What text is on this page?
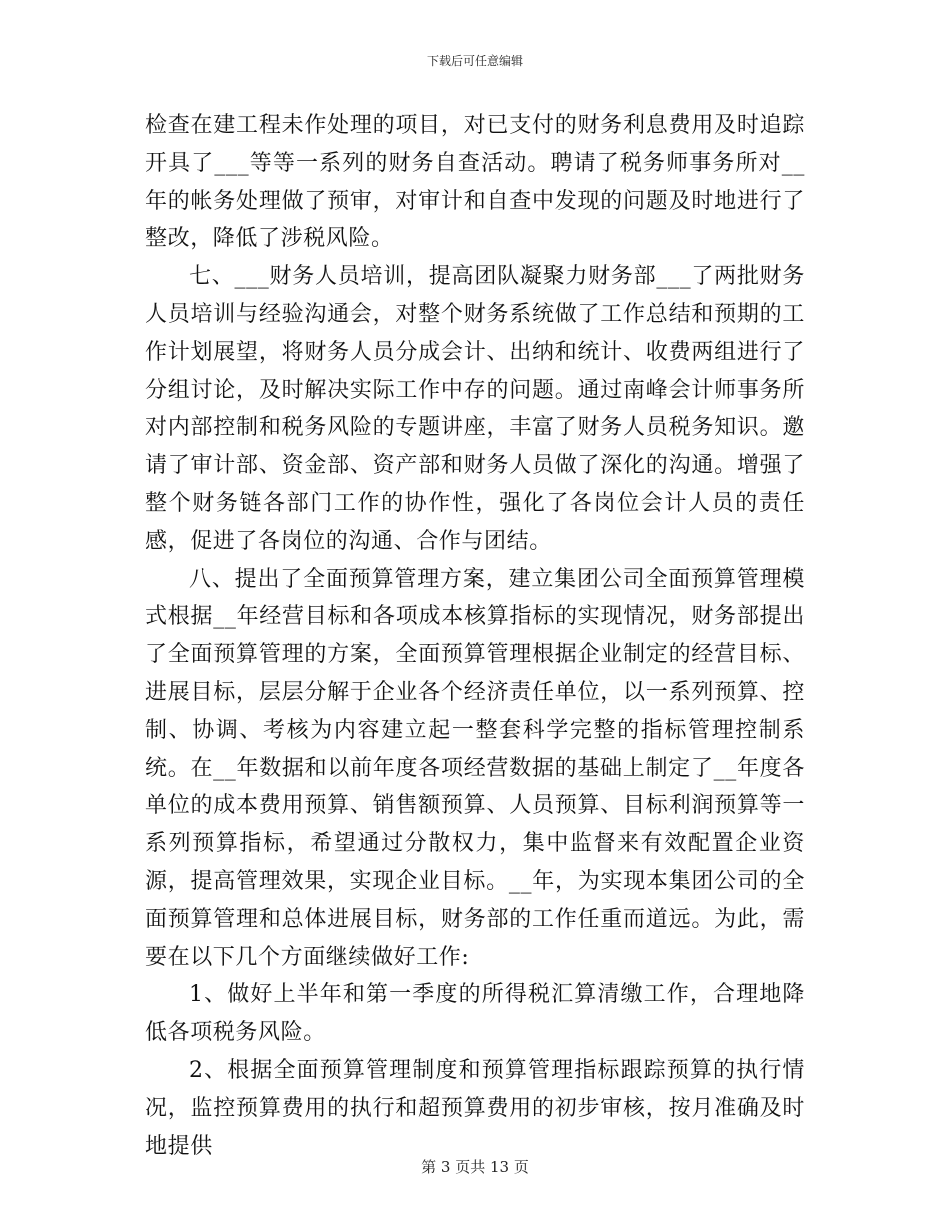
下载后可任意编辑

检查在建工程未作处理的项目，对已支付的财务利息费用及时追踪开具了___等等一系列的财务自查活动。聘请了税务师事务所对__年的帐务处理做了预审，对审计和自查中发现的问题及时地进行了整改，降低了涉税风险。

七、___财务人员培训，提高团队凝聚力财务部___了两批财务人员培训与经验沟通会，对整个财务系统做了工作总结和预期的工作计划展望，将财务人员分成会计、出纳和统计、收费两组进行了分组讨论，及时解决实际工作中存的问题。通过南峰会计师事务所对内部控制和税务风险的专题讲座，丰富了财务人员税务知识。邀请了审计部、资金部、资产部和财务人员做了深化的沟通。增强了整个财务链各部门工作的协作性，强化了各岗位会计人员的责任感，促进了各岗位的沟通、合作与团结。

八、提出了全面预算管理方案，建立集团公司全面预算管理模式根据__年经营目标和各项成本核算指标的实现情况，财务部提出了全面预算管理的方案，全面预算管理根据企业制定的经营目标、进展目标，层层分解于企业各个经济责任单位，以一系列预算、控制、协调、考核为内容建立起一整套科学完整的指标管理控制系统。在__年数据和以前年度各项经营数据的基础上制定了__年度各单位的成本费用预算、销售额预算、人员预算、目标利润预算等一系列预算指标，希望通过分散权力，集中监督来有效配置企业资源，提高管理效果，实现企业目标。__年，为实现本集团公司的全面预算管理和总体进展目标，财务部的工作任重而道远。为此，需要在以下几个方面继续做好工作:

1、做好上半年和第一季度的所得税汇算清缴工作，合理地降低各项税务风险。

2、根据全面预算管理制度和预算管理指标跟踪预算的执行情况，监控预算费用的执行和超预算费用的初步审核，按月准确及时地提供

第 3 页共 13 页
